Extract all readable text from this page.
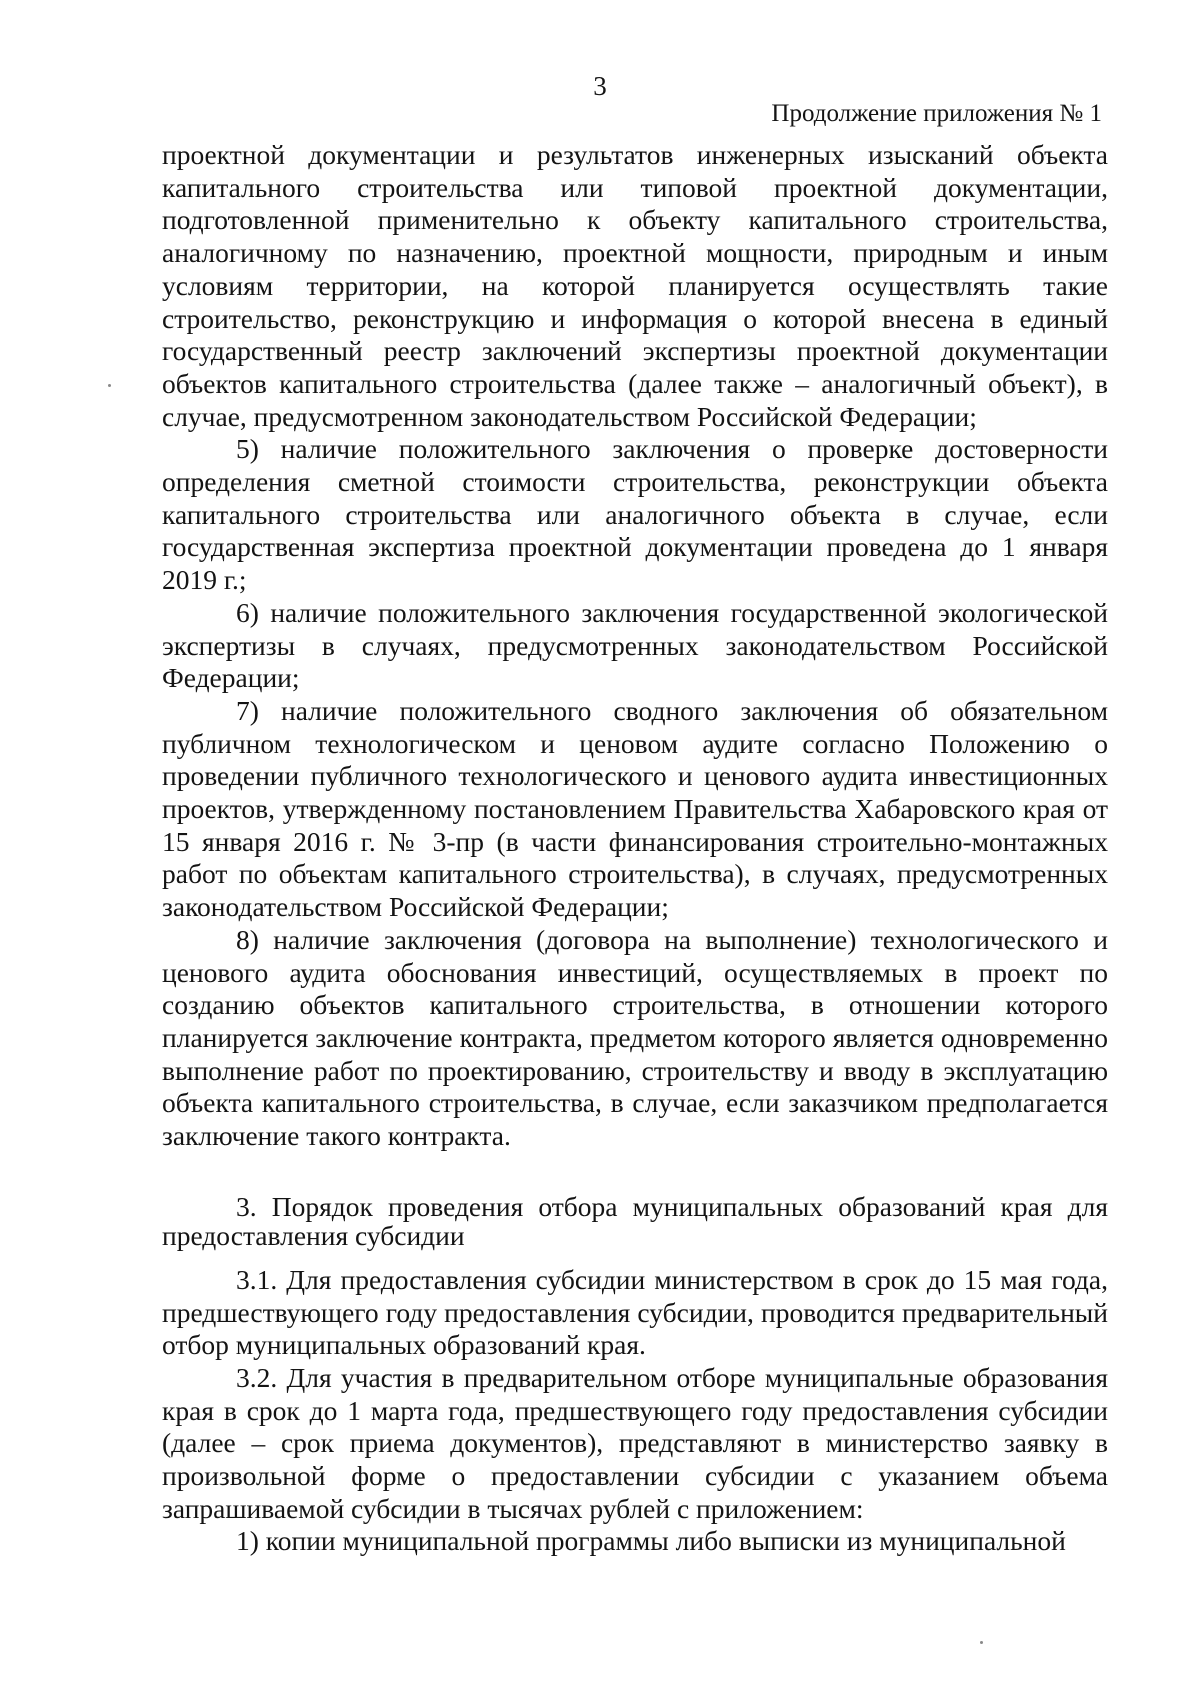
3
Продолжение приложения № 1

проектной документации и результатов инженерных изысканий объекта капитального строительства или типовой проектной документации, подготовленной применительно к объекту капитального строительства, аналогичному по назначению, проектной мощности, природным и иным условиям территории, на которой планируется осуществлять такие строительство, реконструкцию и информация о которой внесена в единый государственный реестр заключений экспертизы проектной документации объектов капитального строительства (далее также – аналогичный объект), в случае, предусмотренном законодательством Российской Федерации;

5) наличие положительного заключения о проверке достоверности определения сметной стоимости строительства, реконструкции объекта капитального строительства или аналогичного объекта в случае, если государственная экспертиза проектной документации проведена до 1 января 2019 г.;

6) наличие положительного заключения государственной экологической экспертизы в случаях, предусмотренных законодательством Российской Федерации;

7) наличие положительного сводного заключения об обязательном публичном технологическом и ценовом аудите согласно Положению о проведении публичного технологического и ценового аудита инвестиционных проектов, утвержденному постановлением Правительства Хабаровского края от 15 января 2016 г. № 3-пр (в части финансирования строительно-монтажных работ по объектам капитального строительства), в случаях, предусмотренных законодательством Российской Федерации;

8) наличие заключения (договора на выполнение) технологического и ценового аудита обоснования инвестиций, осуществляемых в проект по созданию объектов капитального строительства, в отношении которого планируется заключение контракта, предметом которого является одновременно выполнение работ по проектированию, строительству и вводу в эксплуатацию объекта капитального строительства, в случае, если заказчиком предполагается заключение такого контракта.

3. Порядок проведения отбора муниципальных образований края для предоставления субсидии

3.1. Для предоставления субсидии министерством в срок до 15 мая года, предшествующего году предоставления субсидии, проводится предварительный отбор муниципальных образований края.

3.2. Для участия в предварительном отборе муниципальные образования края в срок до 1 марта года, предшествующего году предоставления субсидии (далее – срок приема документов), представляют в министерство заявку в произвольной форме о предоставлении субсидии с указанием объема запрашиваемой субсидии в тысячах рублей с приложением:

1) копии муниципальной программы либо выписки из муниципальной
